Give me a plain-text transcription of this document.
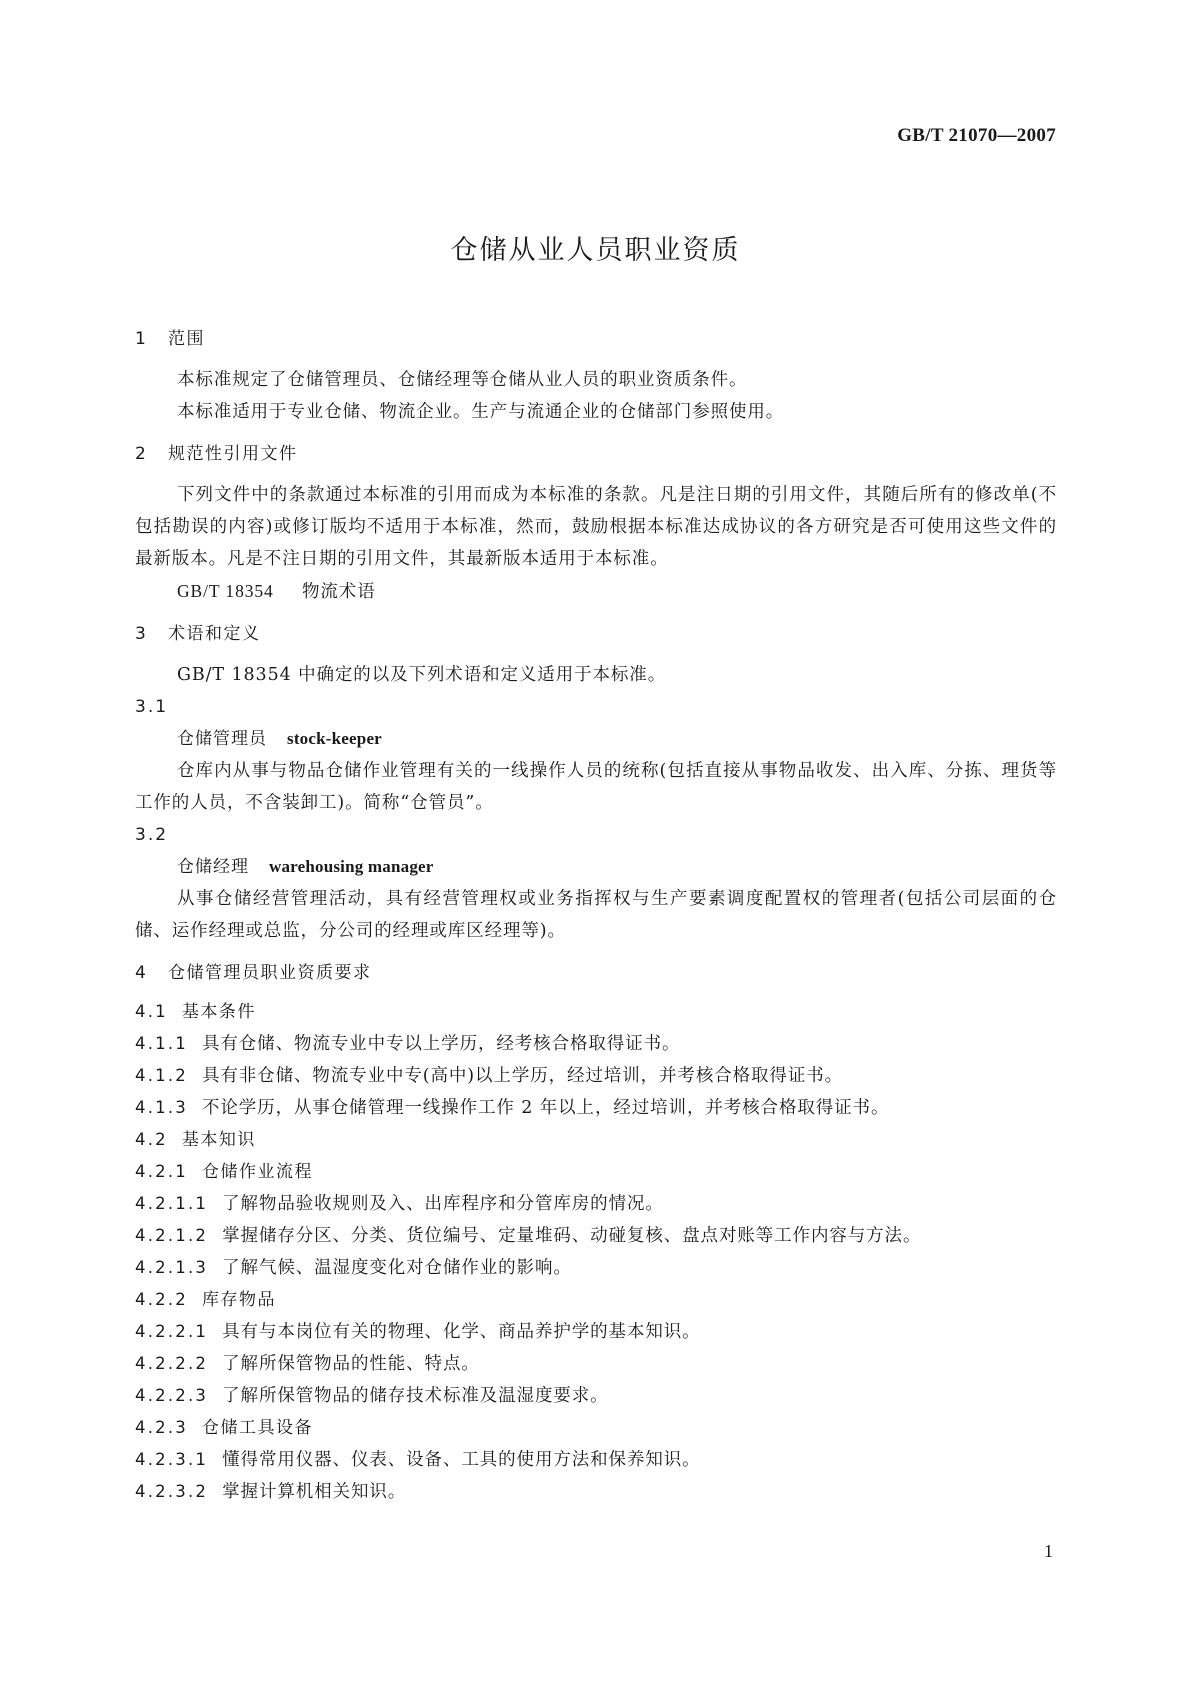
GB/T 21070—2007
仓储从业人员职业资质
1 范围

本标准规定了仓储管理员、仓储经理等仓储从业人员的职业资质条件。

本标准适用于专业仓储、物流企业。生产与流通企业的仓储部门参照使用。

2 规范性引用文件

下列文件中的条款通过本标准的引用而成为本标准的条款。凡是注日期的引用文件，其随后所有的修改单(不包括勘误的内容)或修订版均不适用于本标准，然而，鼓励根据本标准达成协议的各方研究是否可使用这些文件的最新版本。凡是不注日期的引用文件，其最新版本适用于本标准。

GB/T 18354 物流术语
3 术语和定义

GB/T 18354 中确定的以及下列术语和定义适用于本标准。

3.1
仓储管理员 stock-keeper

仓库内从事与物品仓储作业管理有关的一线操作人员的统称(包括直接从事物品收发、出入库、分拣、理货等工作的人员，不含装卸工)。简称“仓管员”。

3.2
仓储经理 warehousing manager

从事仓储经营管理活动，具有经营管理权或业务指挥权与生产要素调度配置权的管理者(包括公司层面的仓储、运作经理或总监，分公司的经理或库区经理等)。

4 仓储管理员职业资质要求
4.1 基本条件
4.1.1 具有仓储、物流专业中专以上学历，经考核合格取得证书。
4.1.2 具有非仓储、物流专业中专(高中)以上学历，经过培训，并考核合格取得证书。
4.1.3 不论学历，从事仓储管理一线操作工作 2 年以上，经过培训，并考核合格取得证书。
4.2 基本知识
4.2.1 仓储作业流程
4.2.1.1 了解物品验收规则及入、出库程序和分管库房的情况。
4.2.1.2 掌握储存分区、分类、货位编号、定量堆码、动碰复核、盘点对账等工作内容与方法。
4.2.1.3 了解气候、温湿度变化对仓储作业的影响。
4.2.2 库存物品
4.2.2.1 具有与本岗位有关的物理、化学、商品养护学的基本知识。
4.2.2.2 了解所保管物品的性能、特点。
4.2.2.3 了解所保管物品的储存技术标准及温湿度要求。
4.2.3 仓储工具设备
4.2.3.1 懂得常用仪器、仪表、设备、工具的使用方法和保养知识。
4.2.3.2 掌握计算机相关知识。
1
